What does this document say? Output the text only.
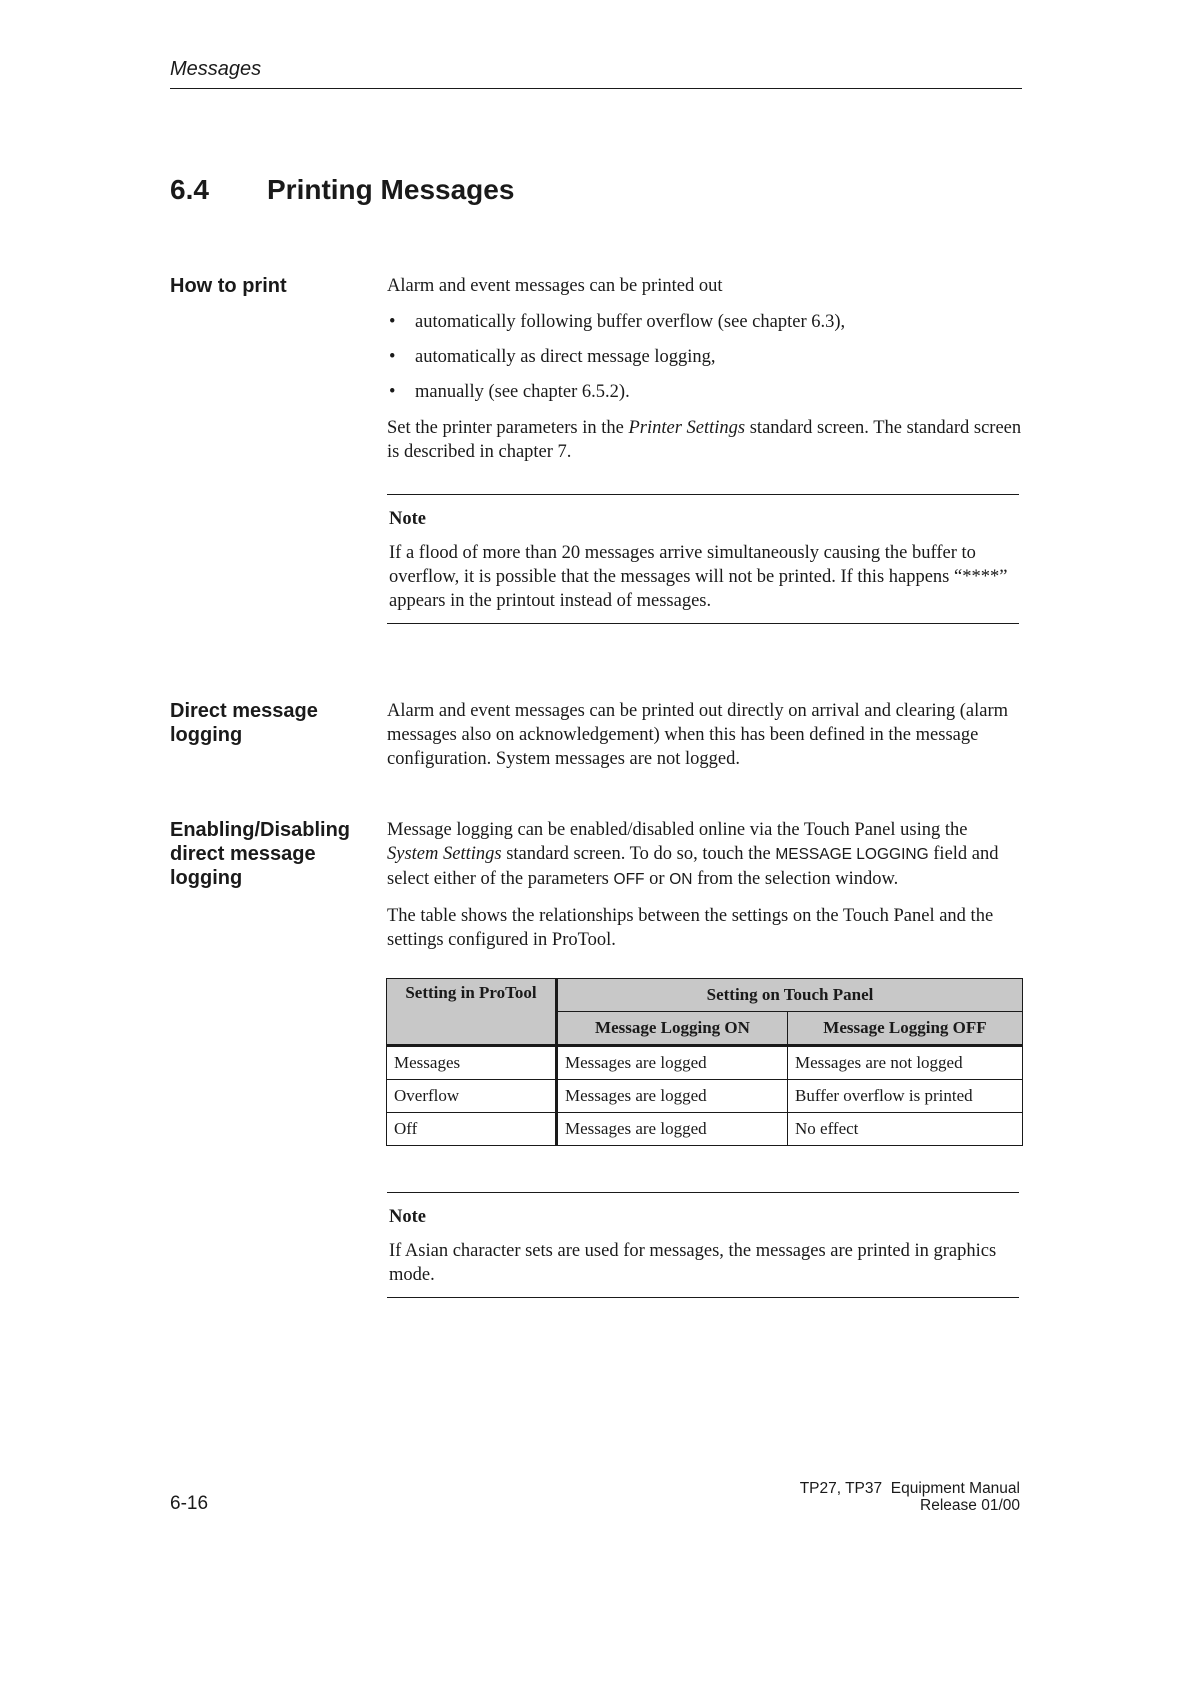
Messages
6.4 Printing Messages
How to print	Alarm and event messages can be printed out

• automatically following buffer overflow (see chapter 6.3),
• automatically as direct message logging,
• manually (see chapter 6.5.2).

Set the printer parameters in the Printer Settings standard screen. The standard screen is described in chapter 7.

Note
If a flood of more than 20 messages arrive simultaneously causing the buffer to overflow, it is possible that the messages will not be printed. If this happens “****” appears in the printout instead of messages.
Direct message
logging

Alarm and event messages can be printed out directly on arrival and clearing (alarm messages also on acknowledgement) when this has been defined in the message configuration. System messages are not logged.

Enabling/Disabling
direct message
logging

Message logging can be enabled/disabled online via the Touch Panel using the System Settings standard screen. To do so, touch the MESSAGE LOGGING field and select either of the parameters OFF or ON from the selection window.

The table shows the relationships between the settings on the Touch Panel and the settings configured in ProTool.

Setting in ProTool	Setting on Touch Panel	
	Message Logging ON	Message Logging OFF
Messages	Messages are logged	Messages are not logged
Overflow	Messages are logged	Buffer overflow is printed
Off	Messages are logged	No effect
Note
If Asian character sets are used for messages, the messages are printed in graphics mode.
6-16
TP27, TP37  Equipment Manual
Release 01/00
